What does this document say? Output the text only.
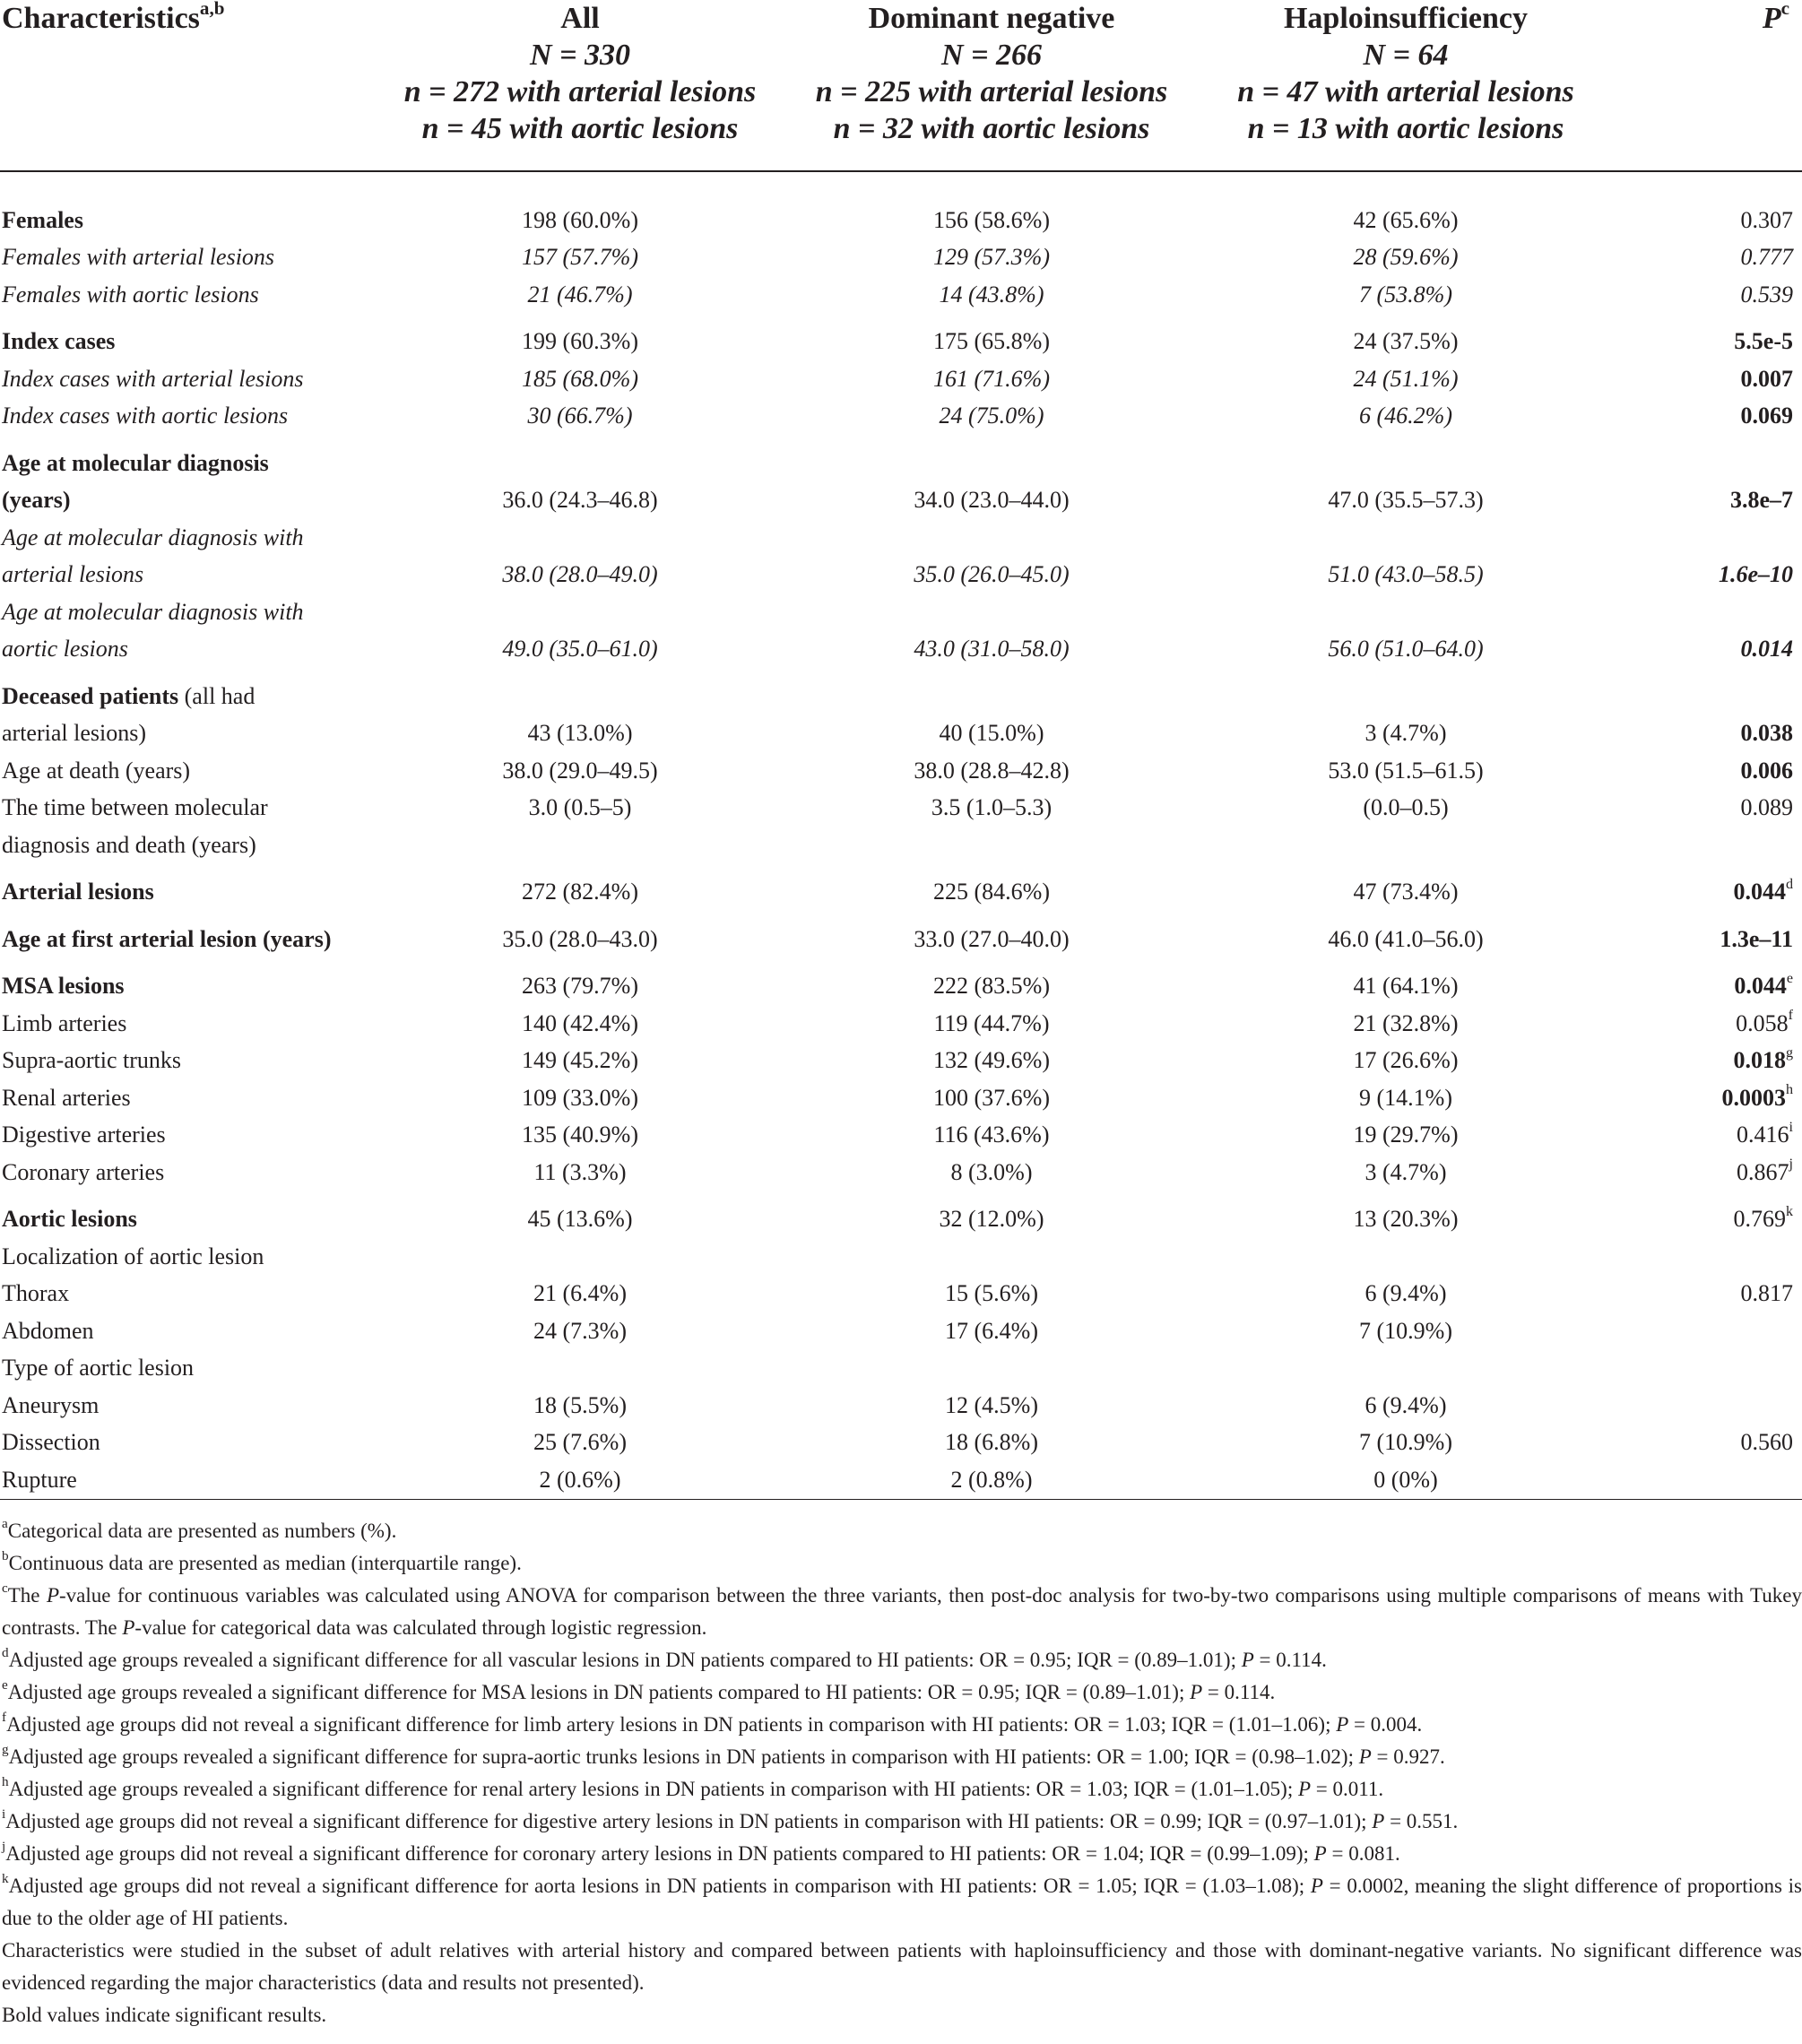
Characteristics$^{a,b}$	All
N = 330
n = 272 with arterial lesions
n = 45 with aortic lesions	Dominant negative
N = 266
n = 225 with arterial lesions
n = 32 with aortic lesions	Haploinsufficiency
N = 64
n = 47 with arterial lesions
n = 13 with aortic lesions	$P^c$
Females	198 (60.0%)	156 (58.6%)	42 (65.6%)	0.307
Females with arterial lesions	157 (57.7%)	129 (57.3%)	28 (59.6%)	0.777
Females with aortic lesions	21 (46.7%)	14 (43.8%)	7 (53.8%)	0.539
Index cases	199 (60.3%)	175 (65.8%)	24 (37.5%)	5.5e-5
Index cases with arterial lesions	185 (68.0%)	161 (71.6%)	24 (51.1%)	0.007
Index cases with aortic lesions	30 (66.7%)	24 (75.0%)	6 (46.2%)	0.069
Age at molecular diagnosis
(years)	36.0 (24.3–46.8)	34.0 (23.0–44.0)	47.0 (35.5–57.3)	3.8e–7
Age at molecular diagnosis with
arterial lesions	38.0 (28.0–49.0)	35.0 (26.0–45.0)	51.0 (43.0–58.5)	1.6e–10
Age at molecular diagnosis with
aortic lesions	49.0 (35.0–61.0)	43.0 (31.0–58.0)	56.0 (51.0–64.0)	0.014
Deceased patients (all had
arterial lesions)	43 (13.0%)	40 (15.0%)	3 (4.7%)	0.038
Age at death (years)	38.0 (29.0–49.5)	38.0 (28.8–42.8)	53.0 (51.5–61.5)	0.006
The time between molecular
diagnosis and death (years)	3.0 (0.5–5)	3.5 (1.0–5.3)	(0.0–0.5)	0.089
Arterial lesions	272 (82.4%)	225 (84.6%)	47 (73.4%)	0.044$^d$
Age at first arterial lesion (years)	35.0 (28.0–43.0)	33.0 (27.0–40.0)	46.0 (41.0–56.0)	1.3e–11
MSA lesions	263 (79.7%)	222 (83.5%)	41 (64.1%)	0.044e
Limb arteries	140 (42.4%)	119 (44.7%)	21 (32.8%)	0.058$^f$
Supra-aortic trunks	149 (45.2%)	132 (49.6%)	17 (26.6%)	0.018$^g$
Renal arteries	109 (33.0%)	100 (37.6%)	9 (14.1%)	0.0003$^h$
Digestive arteries	135 (40.9%)	116 (43.6%)	19 (29.7%)	0.416$^i$
Coronary arteries	11 (3.3%)	8 (3.0%)	3 (4.7%)	0.867$^j$
Aortic lesions	45 (13.6%)	32 (12.0%)	13 (20.3%)	0.769$^k$
Localization of aortic lesion				
Thorax	21 (6.4%)	15 (5.6%)	6 (9.4%)	0.817
Abdomen	24 (7.3%)	17 (6.4%)	7 (10.9%)	
Type of aortic lesion				
Aneurysm	18 (5.5%)	12 (4.5%)	6 (9.4%)	
Dissection	25 (7.6%)	18 (6.8%)	7 (10.9%)	0.560
Rupture	2 (0.6%)	2 (0.8%)	0 (0%)	

$^a$Categorical data are presented as numbers (%).

$^b$Continuous data are presented as median (interquartile range).

$^c$The P-value for continuous variables was calculated using ANOVA for comparison between the three variants, then post-doc analysis for two-by-two comparisons using multiple comparisons of means with Tukey contrasts. The P-value for categorical data was calculated through logistic regression.

$^d$Adjusted age groups revealed a significant difference for all vascular lesions in DN patients compared to HI patients: OR = 0.95; IQR = (0.89–1.01); P = 0.114.

$^e$Adjusted age groups revealed a significant difference for MSA lesions in DN patients compared to HI patients: OR = 0.95; IQR = (0.89–1.01); P = 0.114.

$^f$Adjusted age groups did not reveal a significant difference for limb artery lesions in DN patients in comparison with HI patients: OR = 1.03; IQR = (1.01–1.06); P = 0.004.

$^g$Adjusted age groups revealed a significant difference for supra-aortic trunks lesions in DN patients in comparison with HI patients: OR = 1.00; IQR = (0.98–1.02); P = 0.927.

$^h$Adjusted age groups revealed a significant difference for renal artery lesions in DN patients in comparison with HI patients: OR = 1.03; IQR = (1.01–1.05); P = 0.011.

$^i$Adjusted age groups did not reveal a significant difference for digestive artery lesions in DN patients in comparison with HI patients: OR = 0.99; IQR = (0.97–1.01); P = 0.551.

$^j$Adjusted age groups did not reveal a significant difference for coronary artery lesions in DN patients compared to HI patients: OR = 1.04; IQR = (0.99–1.09); P = 0.081.

$^k$Adjusted age groups did not reveal a significant difference for aorta lesions in DN patients in comparison with HI patients: OR = 1.05; IQR = (1.03–1.08); P = 0.0002, meaning the slight difference of proportions is due to the older age of HI patients.

Characteristics were studied in the subset of adult relatives with arterial history and compared between patients with haploinsufficiency and those with dominant-negative variants. No significant difference was evidenced regarding the major characteristics (data and results not presented).

Bold values indicate significant results.
